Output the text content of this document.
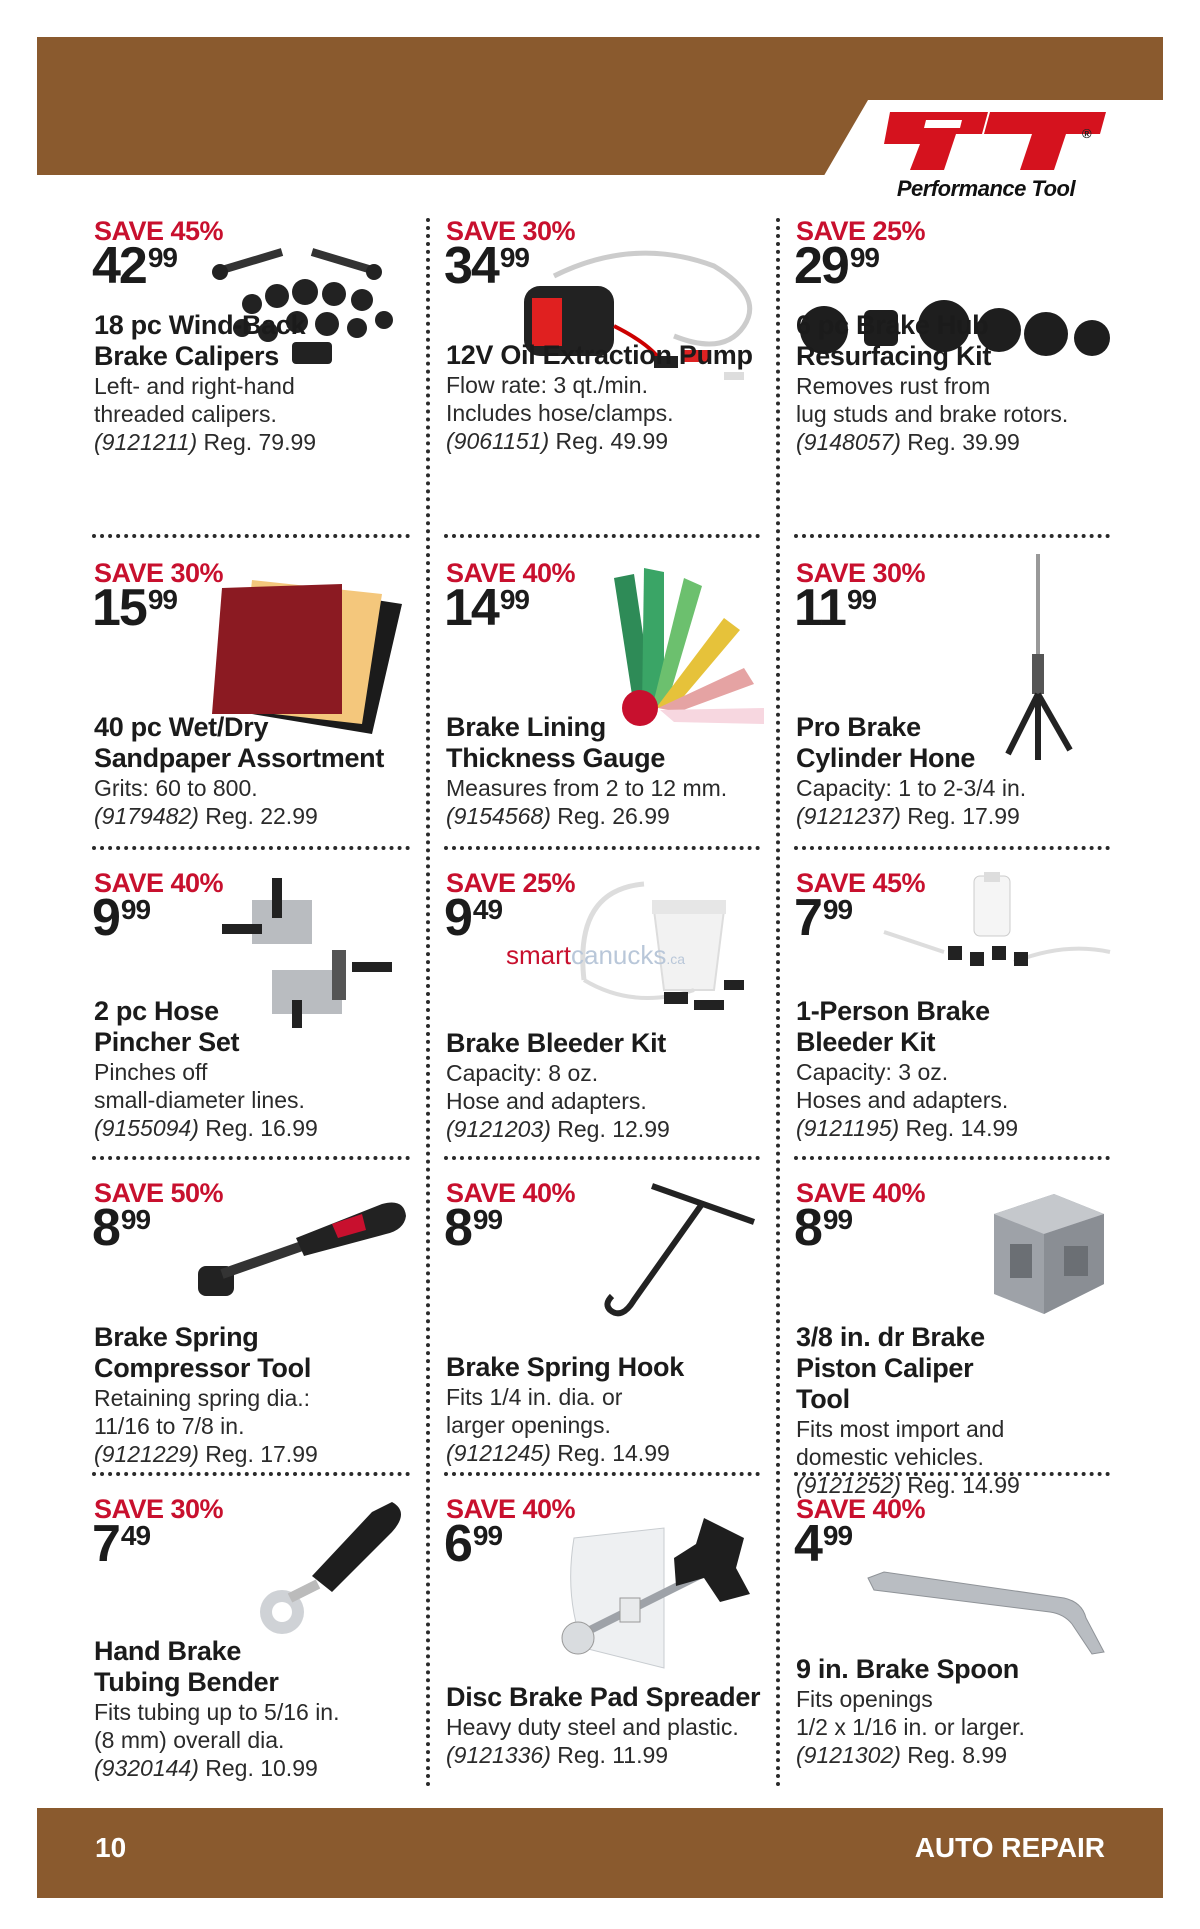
®
Performance Tool
SAVE 45%
$42^{99}$
18 pc Wind-Back Brake Calipers
Left- and right-hand
threaded calipers.
(9121211) Reg. 79.99
SAVE 30%
$34^{99}$
12V Oil Extraction Pump
Flow rate: 3 qt./min.
Includes hose/clamps.
(9061151) Reg. 49.99
SAVE 25%
$29^{99}$
6 pc Brake Hub Resurfacing Kit
Removes rust from
lug studs and brake rotors.
(9148057) Reg. 39.99
SAVE 30%
$15^{99}$
40 pc Wet/Dry Sandpaper Assortment
Grits: 60 to 800.
(9179482) Reg. 22.99
SAVE 40%
$14^{99}$
Brake Lining Thickness Gauge
Measures from 2 to 12 mm.
(9154568) Reg. 26.99
SAVE 30%
$11^{99}$
Pro Brake Cylinder Hone
Capacity: 1 to 2-3/4 in.
(9121237) Reg. 17.99
SAVE 40%
$9^{99}$
2 pc Hose Pincher Set
Pinches off
small-diameter lines.
(9155094) Reg. 16.99
SAVE 25%
$9^{49}$
smartcanucks.ca
Brake Bleeder Kit
Capacity: 8 oz.
Hose and adapters.
(9121203) Reg. 12.99
SAVE 45%
$7^{99}$
1-Person Brake Bleeder Kit
Capacity: 3 oz.
Hoses and adapters.
(9121195) Reg. 14.99
SAVE 50%
$8^{99}$
Brake Spring Compressor Tool
Retaining spring dia.:
11/16 to 7/8 in.
(9121229) Reg. 17.99
SAVE 40%
$8^{99}$
Brake Spring Hook
Fits 1/4 in. dia. or
larger openings.
(9121245) Reg. 14.99
SAVE 40%
$8^{99}$
3/8 in. dr Brake Piston Caliper Tool
Fits most import and
domestic vehicles.
(9121252) Reg. 14.99
SAVE 30%
$7^{49}$
Hand Brake Tubing Bender
Fits tubing up to 5/16 in.
(8 mm) overall dia.
(9320144) Reg. 10.99
SAVE 40%
$6^{99}$
Disc Brake Pad Spreader
Heavy duty steel and plastic.
(9121336) Reg. 11.99
SAVE 40%
$4^{99}$
9 in. Brake Spoon
Fits openings
1/2 x 1/16 in. or larger.
(9121302) Reg. 8.99
10	AUTO REPAIR
